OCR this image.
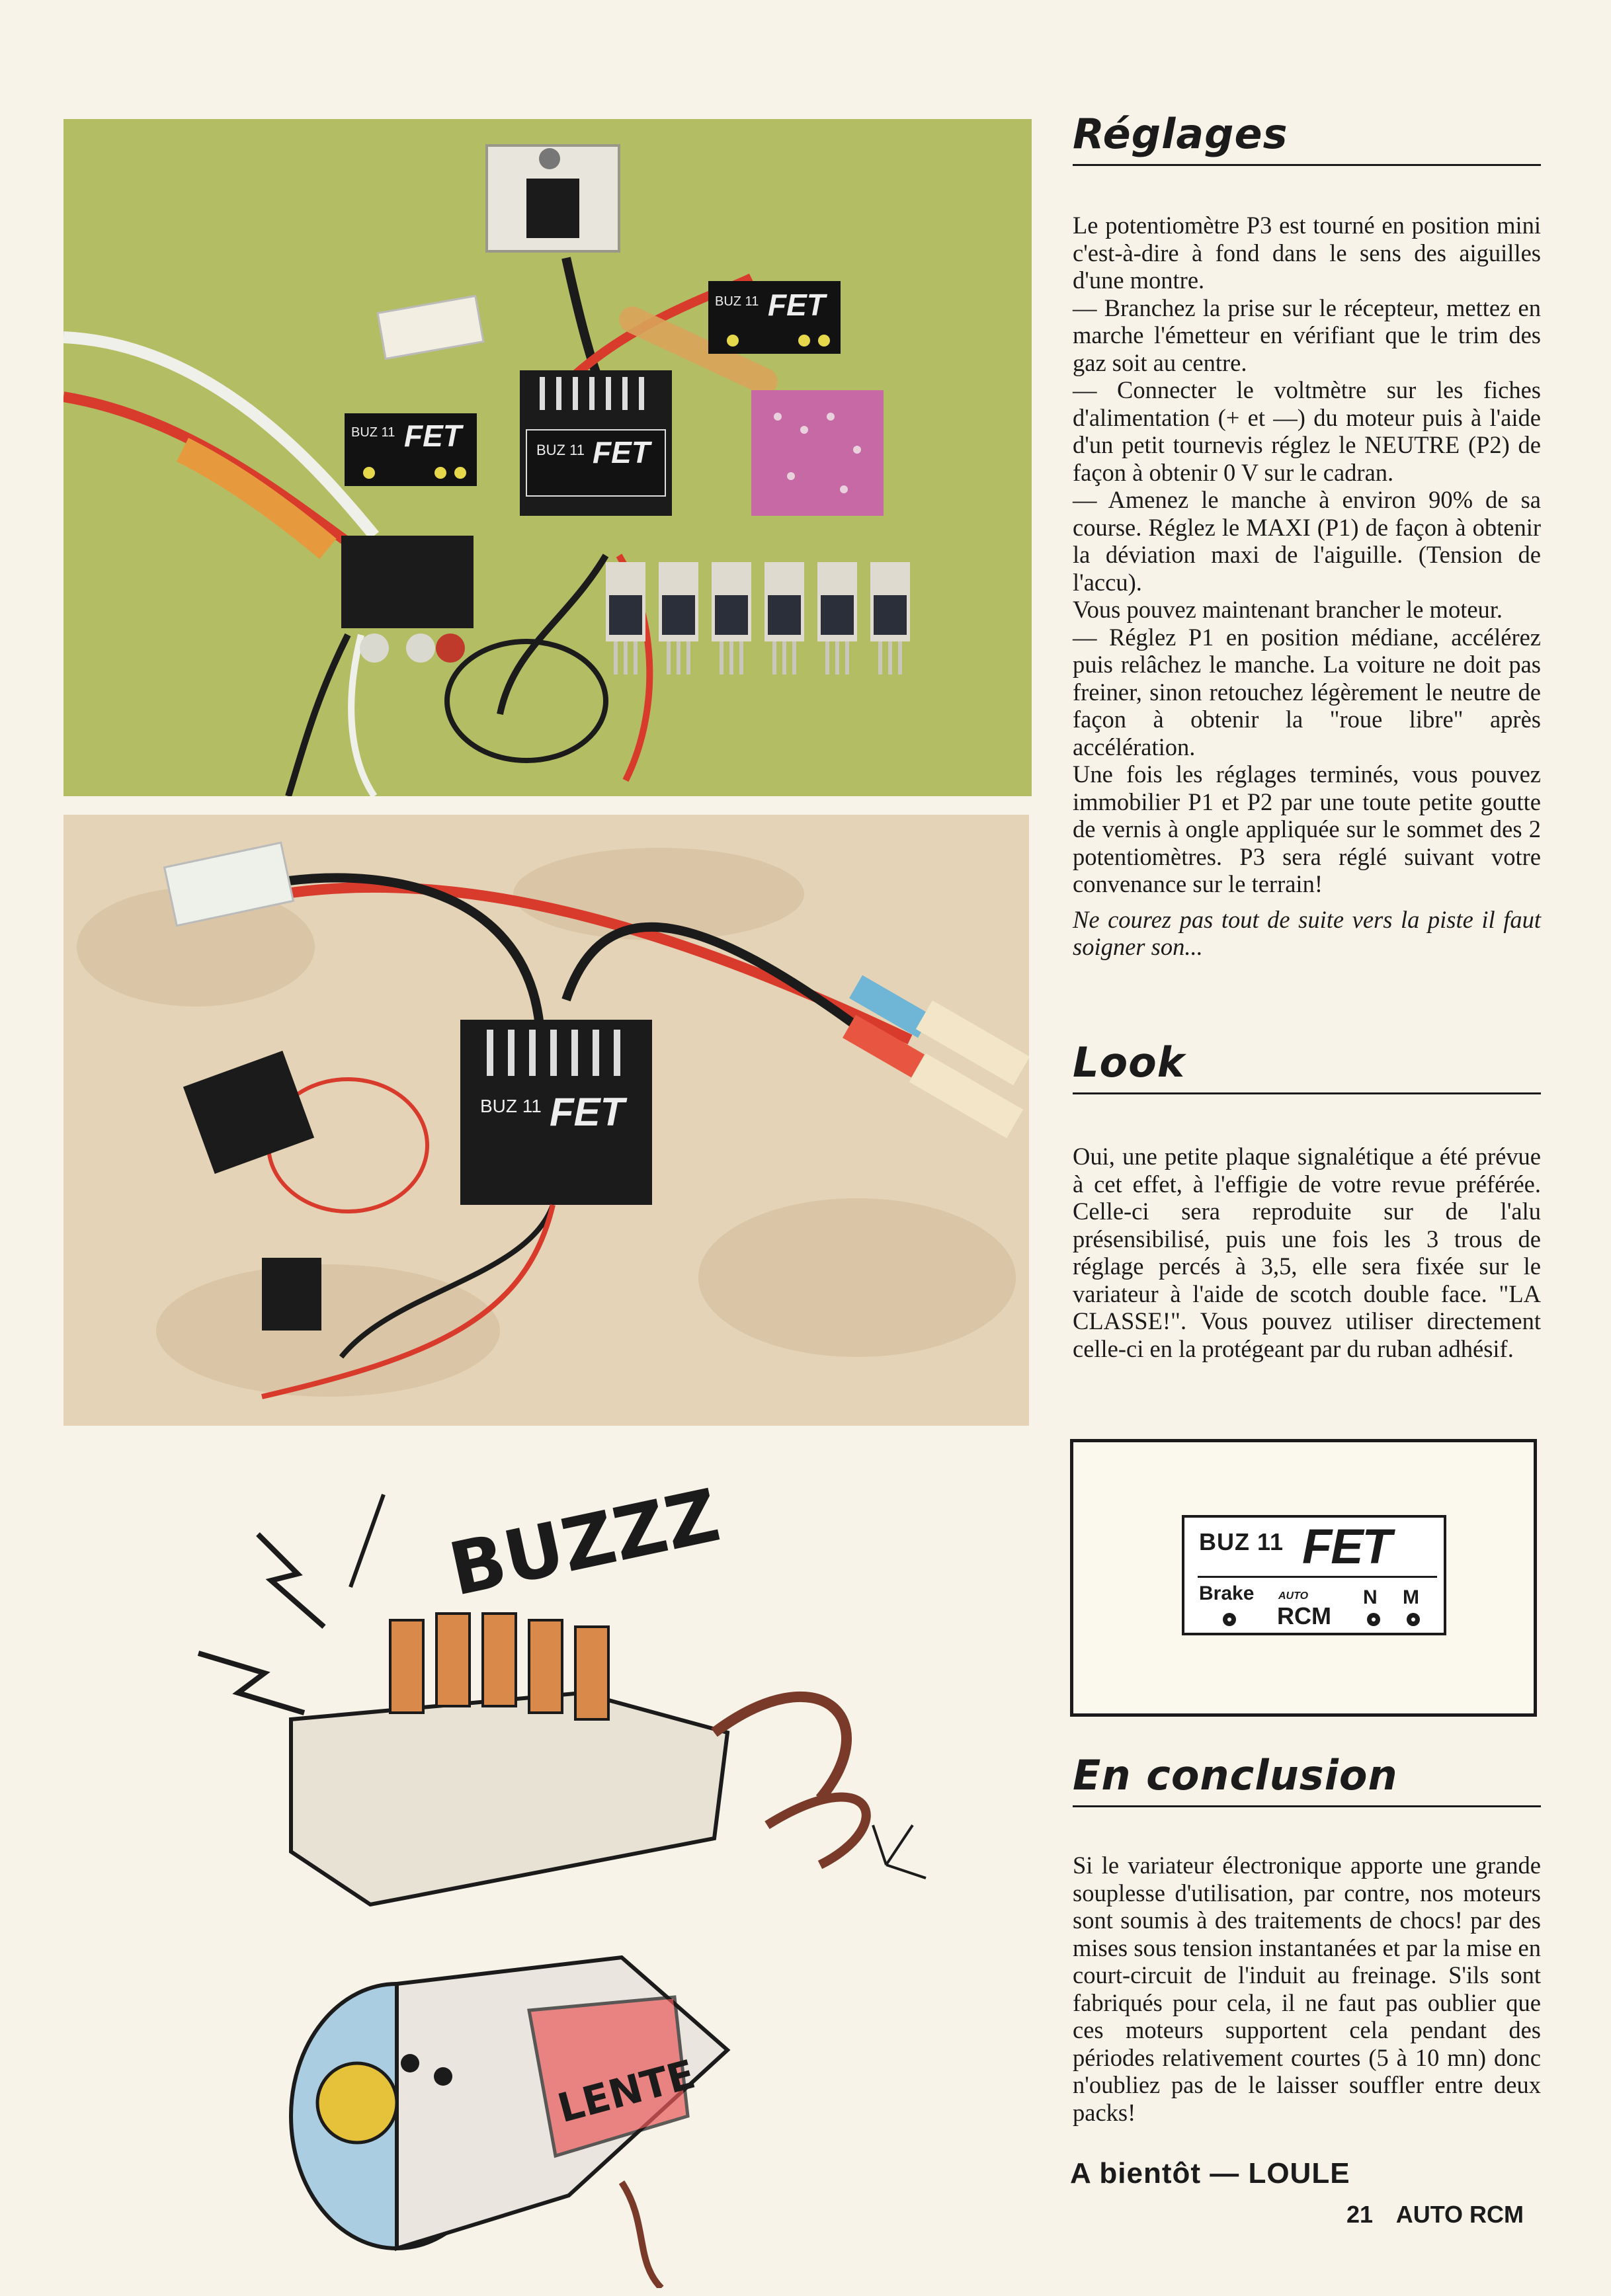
BUZ 11 FET
BUZ 11 FET
BUZ 11 FET
BUZ 11 FET
BUZZZ
LENTE
Réglages

Le potentiomètre P3 est tourné en position mini c'est-à-dire à fond dans le sens des aiguilles d'une montre.

— Branchez la prise sur le récepteur, mettez en marche l'émetteur en vérifiant que le trim des gaz soit au centre.

— Connecter le voltmètre sur les fiches d'alimentation (+ et —) du moteur puis à l'aide d'un petit tournevis réglez le NEUTRE (P2) de façon à obtenir 0 V sur le cadran.

— Amenez le manche à environ 90% de sa course. Réglez le MAXI (P1) de façon à obtenir la déviation maxi de l'aiguille. (Tension de l'accu).

Vous pouvez maintenant brancher le moteur.

— Réglez P1 en position médiane, accélérez puis relâchez le manche. La voiture ne doit pas freiner, sinon retouchez légèrement le neutre de façon à obtenir la "roue libre" après accélération.

Une fois les réglages terminés, vous pouvez immobilier P1 et P2 par une toute petite goutte de vernis à ongle appliquée sur le sommet des 2 potentiomètres. P3 sera réglé suivant votre convenance sur le terrain!

Ne courez pas tout de suite vers la piste il faut soigner son...

Look

Oui, une petite plaque signalétique a été prévue à cet effet, à l'effigie de votre revue préférée. Celle-ci sera reproduite sur de l'alu présensibilisé, puis une fois les 3 trous de réglage percés à 3,5, elle sera fixée sur le variateur à l'aide de scotch double face. "LA CLASSE!". Vous pouvez utiliser directement celle-ci en la protégeant par du ruban adhésif.

BUZ 11 FET
Brake AUTO
RCM
N M
En conclusion

Si le variateur électronique apporte une grande souplesse d'utilisation, par contre, nos moteurs sont soumis à des traitements de chocs! par des mises sous tension instantanées et par la mise en court-circuit de l'induit au freinage. S'ils sont fabriqués pour cela, il ne faut pas oublier que ces moteurs supportent cela pendant des périodes relativement courtes (5 à 10 mn) donc n'oubliez pas de le laisser souffler entre deux packs!

A bientôt — LOULE
21 AUTO RCM
